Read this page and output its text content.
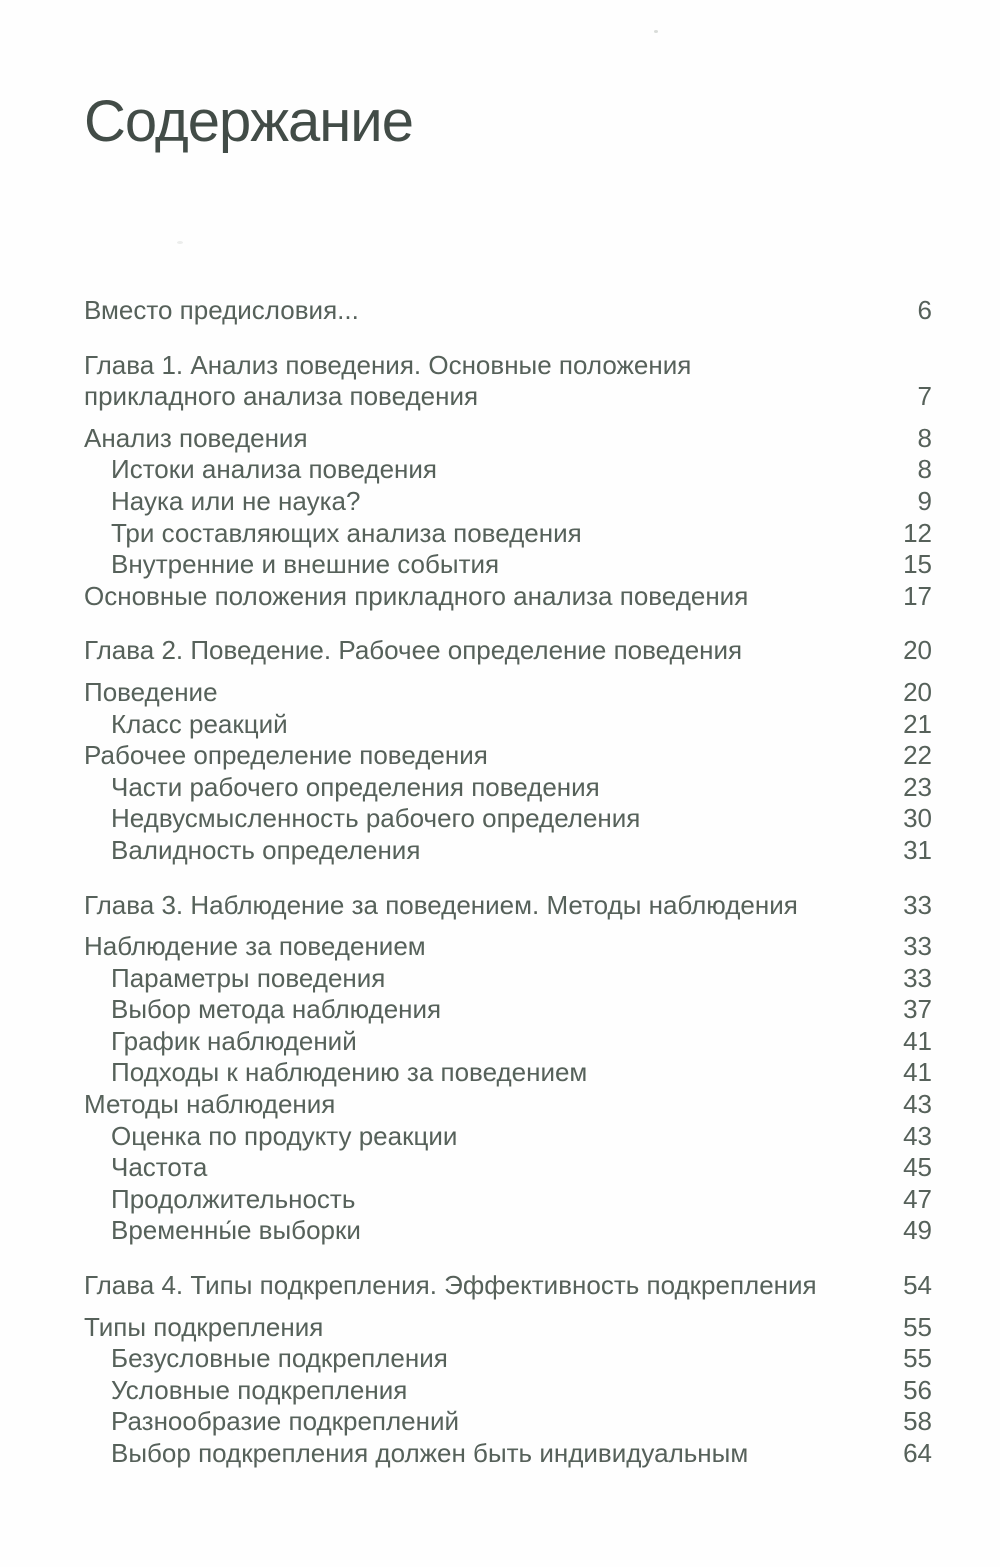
Содержание
Вместо предисловия...	6
Глава 1. Анализ поведения. Основные положения
прикладного анализа поведения	7
Анализ поведения	8
Истоки анализа поведения	8
Наука или не наука?	9
Три составляющих анализа поведения	12
Внутренние и внешние события	15
Основные положения прикладного анализа поведения	17
Глава 2. Поведение. Рабочее определение поведения	20
Поведение	20
Класс реакций	21
Рабочее определение поведения	22
Части рабочего определения поведения	23
Недвусмысленность рабочего определения	30
Валидность определения	31
Глава 3. Наблюдение за поведением. Методы наблюдения	33
Наблюдение за поведением	33
Параметры поведения	33
Выбор метода наблюдения	37
График наблюдений	41
Подходы к наблюдению за поведением	41
Методы наблюдения	43
Оценка по продукту реакции	43
Частота	45
Продолжительность	47
Временны́е выборки	49
Глава 4. Типы подкрепления. Эффективность подкрепления	54
Типы подкрепления	55
Безусловные подкрепления	55
Условные подкрепления	56
Разнообразие подкреплений	58
Выбор подкрепления должен быть индивидуальным	64
